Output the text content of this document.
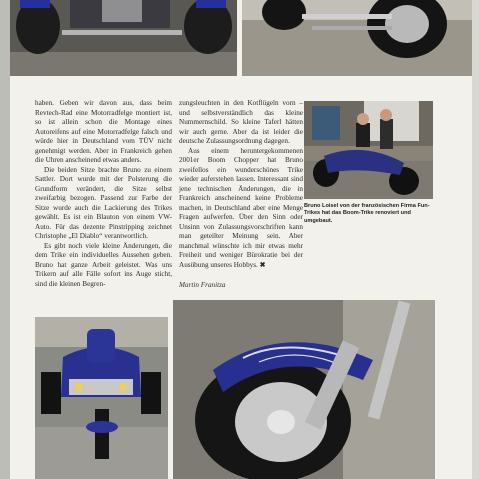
haben. Geben wir davon aus, dass beim Revtech-Rad eine Motorradfelge montiert ist, so ist allein schon die Montage eines Autoreifens auf eine Motorradfelge falsch und würde hier in Deutschland vom TÜV nicht genehmigt werden. Aber in Frankreich gehen die Uhren anscheinend etwas anders.

Die beiden Sitze brachte Bruno zu einem Sattler. Dort wurde mit der Polsterung die Grundform verändert, die Sitze selbst zweifarbig bezogen. Passend zur Farbe der Sitze wurde auch die Lackierung des Trikes gewählt. Es ist ein Blauton von einem VW-Auto. Für das dezente Pinstripping zeichnet Christophe „El Diablo“ verantwortlich.

Es gibt noch viele kleine Änderungen, die dem Trike ein individuelles Aussehen geben. Bruno hat ganze Arbeit geleistet. Was uns Trikern auf alle Fälle sofort ins Auge sticht, sind die kleinen Begren-

zungsleuchten in den Kotflügeln vorn – und selbstverständlich das kleine Nummernschild. So kleine Taferl hätten wir auch gerne. Aber da ist leider die deutsche Zulassungsordnung dagegen.

Aus einem heruntergekommenen 2001er Boom Chopper hat Bruno zweifellos ein wunderschönes Trike wieder auferstehen lassen. Interessant sind jene technischen Änderungen, die in Frankreich anscheinend keine Probleme machen, in Deutschland aber eine Menge Fragen aufwerfen. Über den Sinn oder Unsinn von Zulassungsvorschriften kann man geteilter Meinung sein. Aber manchmal wünschte ich mir etwas mehr Freiheit und weniger Bürokratie bei der Ausübung unseres Hobbys. ✖

Martin Franitza
Bruno Loisel von der französischen Firma Fun-Trikes hat das Boom-Trike renoviert und umgebaut.
